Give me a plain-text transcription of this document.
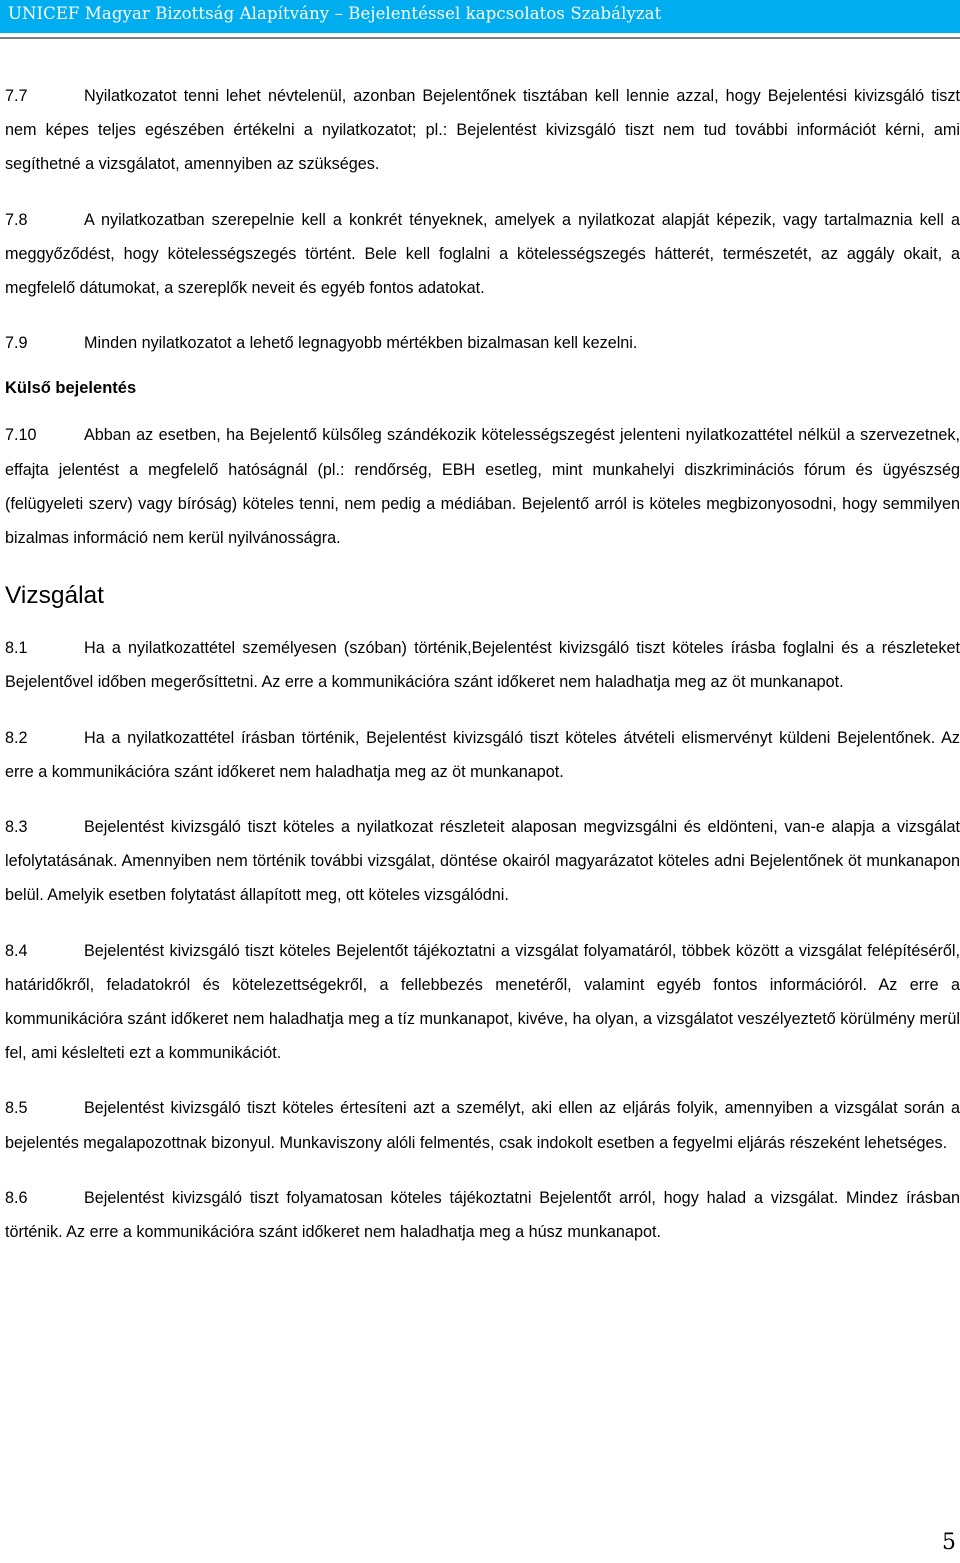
UNICEF Magyar Bizottság Alapítvány – Bejelentéssel kapcsolatos Szabályzat

7.7	Nyilatkozatot tenni lehet névtelenül, azonban Bejelentőnek tisztában kell lennie azzal, hogy Bejelentési kivizsgáló tiszt nem képes teljes egészében értékelni a nyilatkozatot; pl.: Bejelentést kivizsgáló tiszt nem tud további információt kérni, ami segíthetné a vizsgálatot, amennyiben az szükséges.

7.8	A nyilatkozatban szerepelnie kell a konkrét tényeknek, amelyek a nyilatkozat alapját képezik, vagy tartalmaznia kell a meggyőződést, hogy kötelességszegés történt. Bele kell foglalni a kötelességszegés hátterét, természetét, az aggály okait, a megfelelő dátumokat, a szereplők neveit és egyéb fontos adatokat.

7.9	Minden nyilatkozatot a lehető legnagyobb mértékben bizalmasan kell kezelni.

Külső bejelentés

7.10	Abban az esetben, ha Bejelentő külsőleg szándékozik kötelességszegést jelenteni nyilatkozattétel nélkül a szervezetnek, effajta jelentést a megfelelő hatóságnál (pl.: rendőrség, EBH esetleg, mint munkahelyi diszkriminációs fórum és ügyészség (felügyeleti szerv) vagy bíróság) köteles tenni, nem pedig a médiában. Bejelentő arról is köteles megbizonyosodni, hogy semmilyen bizalmas információ nem kerül nyilvánosságra.

Vizsgálat

8.1	Ha a nyilatkozattétel személyesen (szóban) történik,Bejelentést kivizsgáló tiszt köteles írásba foglalni és a részleteket Bejelentővel időben megerősíttetni. Az erre a kommunikációra szánt időkeret nem haladhatja meg az öt munkanapot.

8.2	Ha a nyilatkozattétel írásban történik, Bejelentést kivizsgáló tiszt köteles átvételi elismervényt küldeni Bejelentőnek. Az erre a kommunikációra szánt időkeret nem haladhatja meg az öt munkanapot.

8.3	Bejelentést kivizsgáló tiszt köteles a nyilatkozat részleteit alaposan megvizsgálni és eldönteni, van-e alapja a vizsgálat lefolytatásának. Amennyiben nem történik további vizsgálat, döntése okairól magyarázatot köteles adni Bejelentőnek öt munkanapon belül. Amelyik esetben folytatást állapított meg, ott köteles vizsgálódni.

8.4	Bejelentést kivizsgáló tiszt köteles Bejelentőt tájékoztatni a vizsgálat folyamatáról, többek között a vizsgálat felépítéséről, határidőkről, feladatokról és kötelezettségekről, a fellebbezés menetéről, valamint egyéb fontos információról. Az erre a kommunikációra szánt időkeret nem haladhatja meg a tíz munkanapot, kivéve, ha olyan, a vizsgálatot veszélyeztető körülmény merül fel, ami késlelteti ezt a kommunikációt.

8.5	Bejelentést kivizsgáló tiszt köteles értesíteni azt a személyt, aki ellen az eljárás folyik, amennyiben a vizsgálat során a bejelentés megalapozottnak bizonyul. Munkaviszony alóli felmentés, csak indokolt esetben a fegyelmi eljárás részeként lehetséges.

8.6	Bejelentést kivizsgáló tiszt folyamatosan köteles tájékoztatni Bejelentőt arról, hogy halad a vizsgálat. Mindez írásban történik. Az erre a kommunikációra szánt időkeret nem haladhatja meg a húsz munkanapot.

5
